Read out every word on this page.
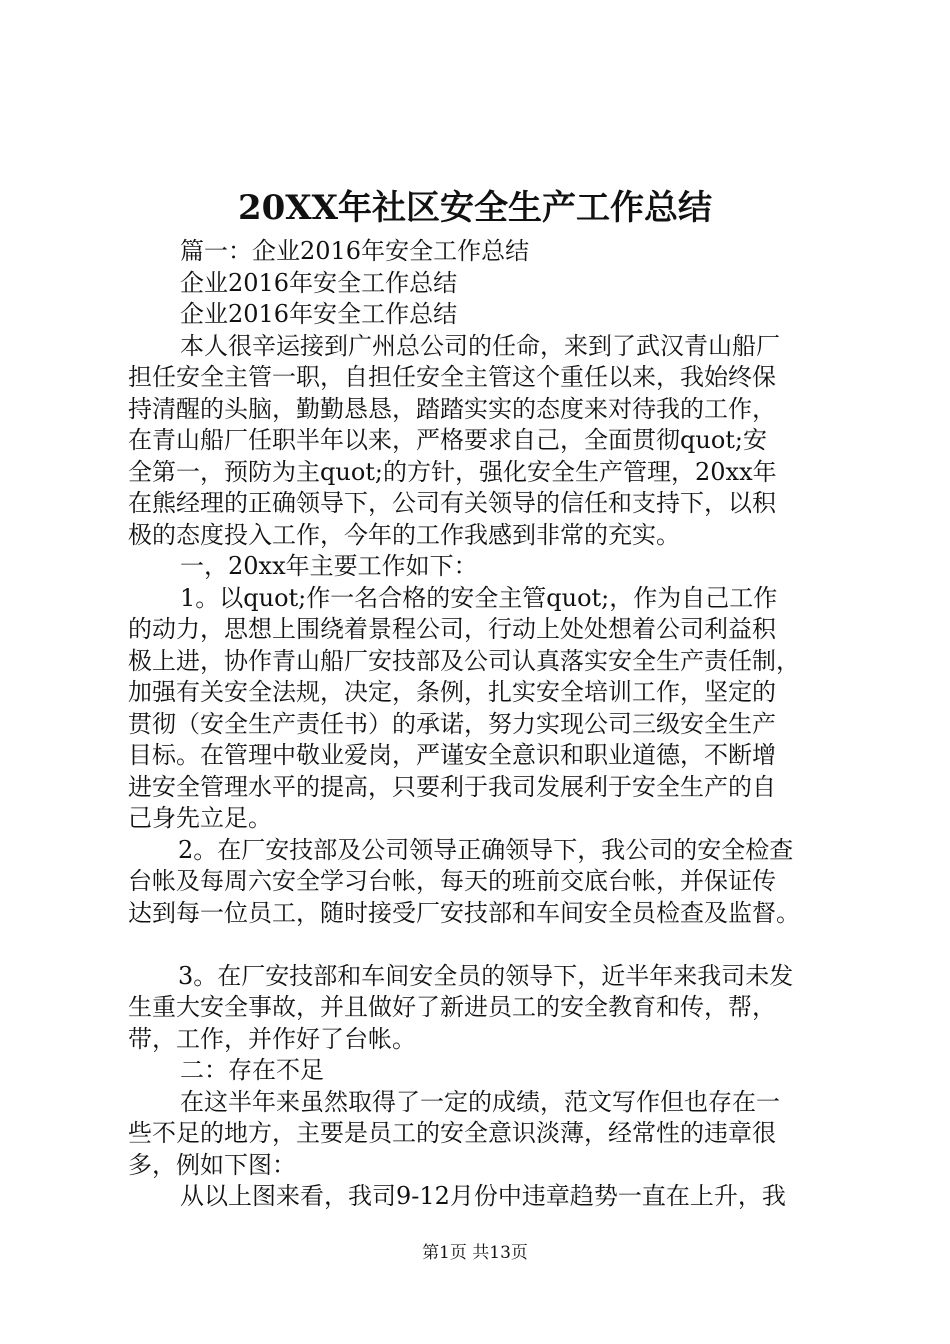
20XX年社区安全生产工作总结

篇一：企业2016年安全工作总结

企业2016年安全工作总结

企业2016年安全工作总结

本人很辛运接到广州总公司的任命，来到了武汉青山船厂

担任安全主管一职，自担任安全主管这个重任以来，我始终保

持清醒的头脑，勤勤恳恳，踏踏实实的态度来对待我的工作，

在青山船厂任职半年以来，严格要求自己，全面贯彻quot;安

全第一，预防为主quot;的方针，强化安全生产管理，20xx年

在熊经理的正确领导下，公司有关领导的信任和支持下，以积

极的态度投入工作，今年的工作我感到非常的充实。

一，20xx年主要工作如下：

1。以quot;作一名合格的安全主管quot;，作为自己工作

的动力，思想上围绕着景程公司，行动上处处想着公司利益积

极上进，协作青山船厂安技部及公司认真落实安全生产责任制，

加强有关安全法规，决定，条例，扎实安全培训工作，坚定的

贯彻（安全生产责任书）的承诺，努力实现公司三级安全生产

目标。在管理中敬业爱岗，严谨安全意识和职业道德，不断增

进安全管理水平的提高，只要利于我司发展利于安全生产的自

己身先立足。

2。在厂安技部及公司领导正确领导下，我公司的安全检查

台帐及每周六安全学习台帐，每天的班前交底台帐，并保证传

达到每一位员工，随时接受厂安技部和车间安全员检查及监督。

3。在厂安技部和车间安全员的领导下，近半年来我司未发

生重大安全事故，并且做好了新进员工的安全教育和传，帮，

带，工作，并作好了台帐。

二：存在不足

在这半年来虽然取得了一定的成绩，范文写作但也存在一

些不足的地方，主要是员工的安全意识淡薄，经常性的违章很

多，例如下图：

从以上图来看，我司9-12月份中违章趋势一直在上升，我

第1页 共13页
